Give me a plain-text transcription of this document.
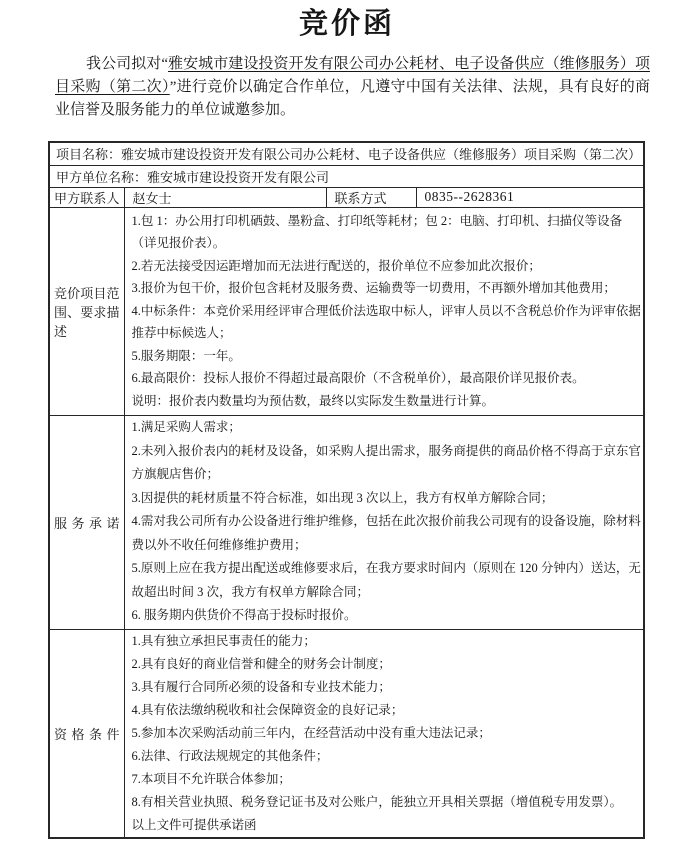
竞价函

我公司拟对“雅安城市建设投资开发有限公司办公耗材、电子设备供应（维修服务）项目采购（第二次）”进行竞价以确定合作单位，凡遵守中国有关法律、法规，具有良好的商业信誉及服务能力的单位诚邀参加。

项目名称：雅安城市建设投资开发有限公司办公耗材、电子设备供应（维修服务）项目采购（第二次）			
甲方单位名称：雅安城市建设投资开发有限公司			
甲方联系人	赵女士	联系方式	0835--2628361
竞价项目范围、要求描述	

1.包 1：办公用打印机硒鼓、墨粉盒、打印纸等耗材；包 2：电脑、打印机、扫描仪等设备（详见报价表）。

2.若无法接受因运距增加而无法进行配送的，报价单位不应参加此次报价；

3.报价为包干价，报价包含耗材及服务费、运输费等一切费用，不再额外增加其他费用；

4.中标条件：本竞价采用经评审合理低价法选取中标人，评审人员以不含税总价作为评审依据推荐中标候选人；

5.服务期限：一年。

6.最高限价：投标人报价不得超过最高限价（不含税单价），最高限价详见报价表。

说明：报价表内数量均为预估数，最终以实际发生数量进行计算。

服务承诺	

1.满足采购人需求；

2.未列入报价表内的耗材及设备，如采购人提出需求，服务商提供的商品价格不得高于京东官方旗舰店售价；

3.因提供的耗材质量不符合标准，如出现 3 次以上，我方有权单方解除合同；

4.需对我公司所有办公设备进行维护维修，包括在此次报价前我公司现有的设备设施，除材料费以外不收任何维修维护费用；

5.原则上应在我方提出配送或维修要求后，在我方要求时间内（原则在 120 分钟内）送达，无故超出时间 3 次，我方有权单方解除合同；

6. 服务期内供货价不得高于投标时报价。

资格条件	

1.具有独立承担民事责任的能力；

2.具有良好的商业信誉和健全的财务会计制度；

3.具有履行合同所必须的设备和专业技术能力；

4.具有依法缴纳税收和社会保障资金的良好记录；

5.参加本次采购活动前三年内，在经营活动中没有重大违法记录；

6.法律、行政法规规定的其他条件；

7.本项目不允许联合体参加；

8.有相关营业执照、税务登记证书及对公账户，能独立开具相关票据（增值税专用发票）。

以上文件可提供承诺函
